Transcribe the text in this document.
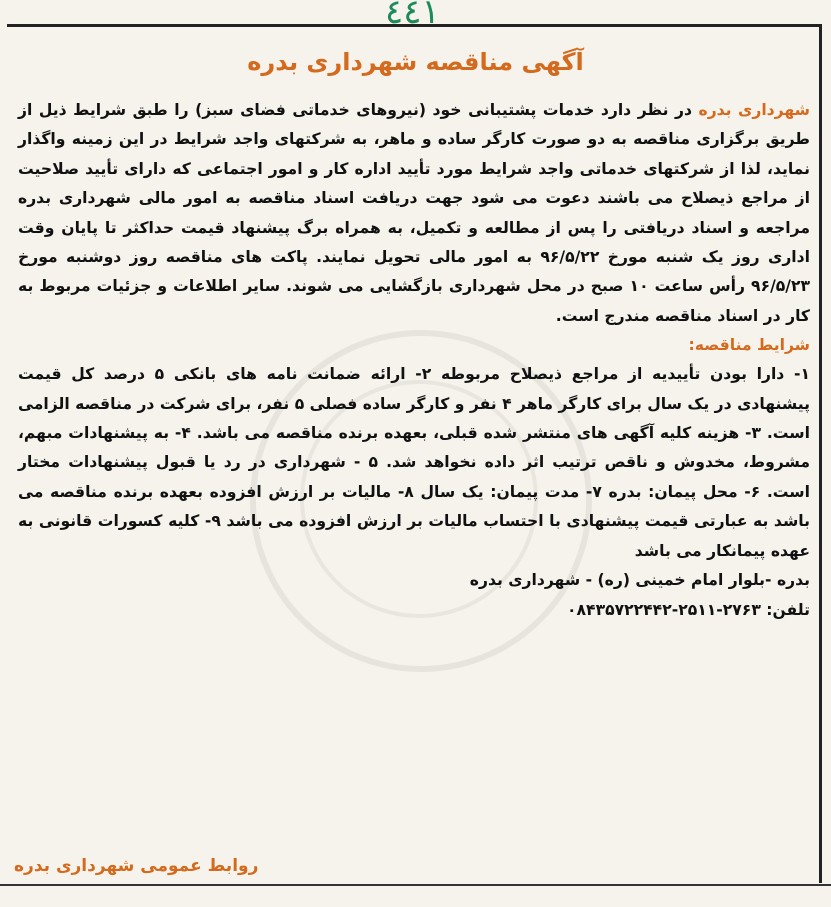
٤٤١
آگهی مناقصه شهرداری بدره

شهرداری بدره در نظر دارد خدمات پشتیبانی خود (نیروهای خدماتی فضای سبز) را طبق شرایط ذیل از طریق برگزاری مناقصه به دو صورت کارگر ساده و ماهر، به شرکتهای واجد شرایط در این زمینه واگذار نماید، لذا از شرکتهای خدماتی واجد شرایط مورد تأیید اداره کار و امور اجتماعی که دارای تأیید صلاحیت از مراجع ذیصلاح می باشند دعوت می شود جهت دریافت اسناد مناقصه به امور مالی شهرداری بدره مراجعه و اسناد دریافتی را پس از مطالعه و تکمیل، به همراه برگ پیشنهاد قیمت حداکثر تا پایان وقت اداری روز یک شنبه مورخ ۹۶/۵/۲۲ به امور مالی تحویل نمایند. پاکت های مناقصه روز دوشنبه مورخ ۹۶/۵/۲۳ رأس ساعت ۱۰ صبح در محل شهرداری بازگشایی می شوند. سایر اطلاعات و جزئیات مربوط به کار در اسناد مناقصه مندرج است.

شرایط مناقصه:

۱- دارا بودن تأییدیه از مراجع ذیصلاح مربوطه ۲- ارائه ضمانت نامه های بانکی ۵ درصد کل قیمت پیشنهادی در یک سال برای کارگر ماهر ۴ نفر و کارگر ساده فصلی ۵ نفر، برای شرکت در مناقصه الزامی است. ۳- هزینه کلیه آگهی های منتشر شده قبلی، بعهده برنده مناقصه می باشد. ۴- به پیشنهادات مبهم، مشروط، مخدوش و ناقص ترتیب اثر داده نخواهد شد. ۵ - شهرداری در رد یا قبول پیشنهادات مختار است. ۶- محل پیمان: بدره ۷- مدت پیمان: یک سال ۸- مالیات بر ارزش افزوده بعهده برنده مناقصه می باشد به عبارتی قیمت پیشنهادی با احتساب مالیات بر ارزش افزوده می باشد ۹- کلیه کسورات قانونی به عهده پیمانکار می باشد

بدره -بلوار امام خمینی (ره) - شهرداری بدره

تلفن: ۲۷۶۳-۲۵۱۱-۰۸۴۳۵۷۲۲۴۴۲

روابط عمومی شهرداری بدره
